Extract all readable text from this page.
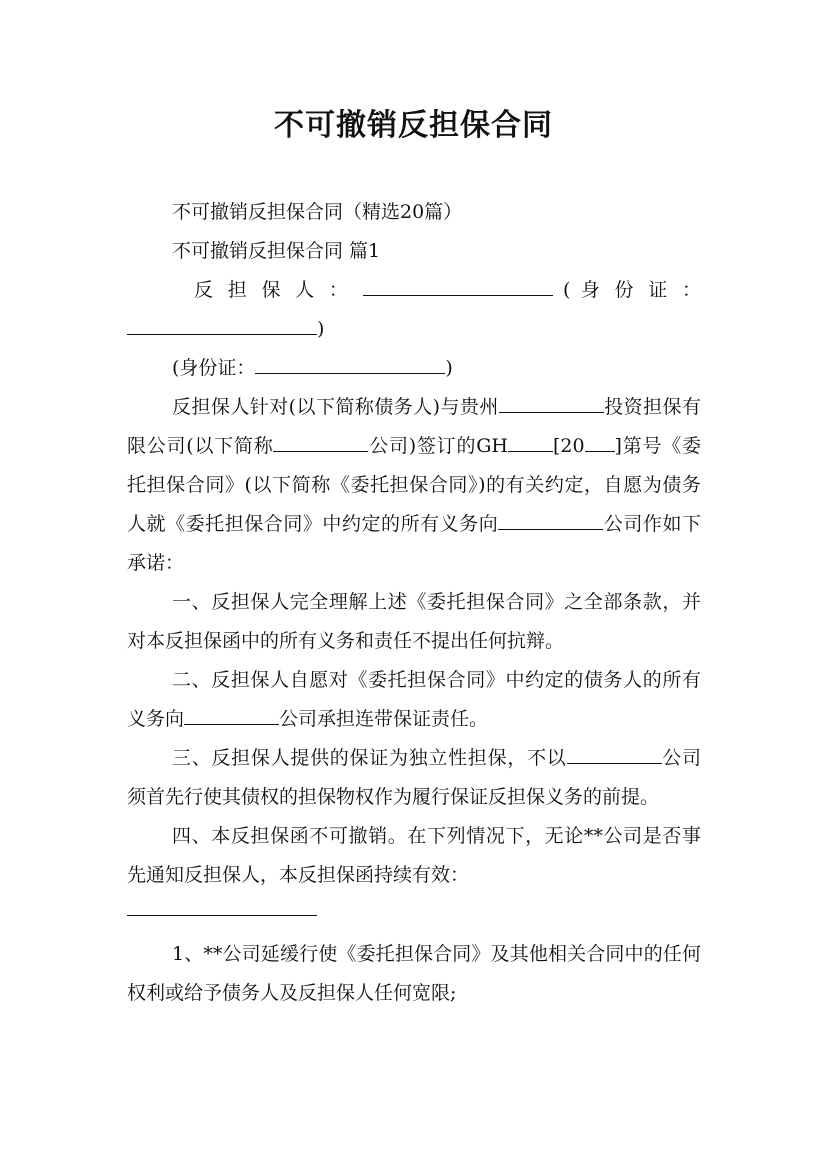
不可撤销反担保合同

不可撤销反担保合同（精选20篇）

不可撤销反担保合同 篇1

反 担 保 人 ：	( 身 份 证 ：

)

(身份证：	)

反担保人针对(以下简称债务人)与贵州	投资担保有限公司(以下简称	公司)签订的GH [20 ]第号《委托担保合同》(以下简称《委托担保合同》)的有关约定，自愿为债务人就《委托担保合同》中约定的所有义务向	公司作如下承诺：

一、反担保人完全理解上述《委托担保合同》之全部条款，并对本反担保函中的所有义务和责任不提出任何抗辩。

二、反担保人自愿对《委托担保合同》中约定的债务人的所有义务向	公司承担连带保证责任。

三、反担保人提供的保证为独立性担保，不以	公司须首先行使其债权的担保物权作为履行保证反担保义务的前提。

四、本反担保函不可撤销。在下列情况下，无论**公司是否事先通知反担保人，本反担保函持续有效：

1、**公司延缓行使《委托担保合同》及其他相关合同中的任何权利或给予债务人及反担保人任何宽限;
